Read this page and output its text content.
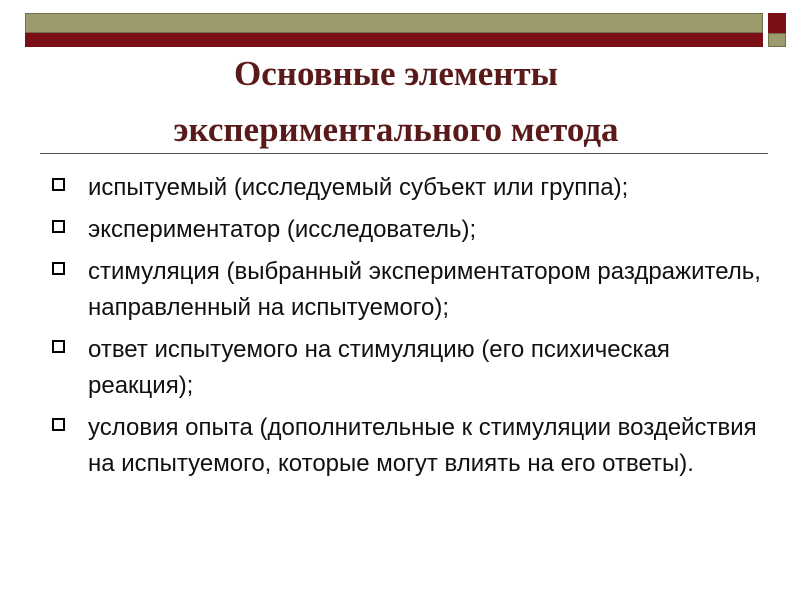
Основные элементы
экспериментального метода
испытуемый (исследуемый субъект или группа);
экспериментатор (исследователь);
стимуляция (выбранный экспериментатором раздражитель, направленный на испытуемого);
ответ испытуемого на стимуляцию (его психическая реакция);
условия опыта (дополнительные к стимуляции воздействия на испытуемого, которые могут влиять на его ответы).
